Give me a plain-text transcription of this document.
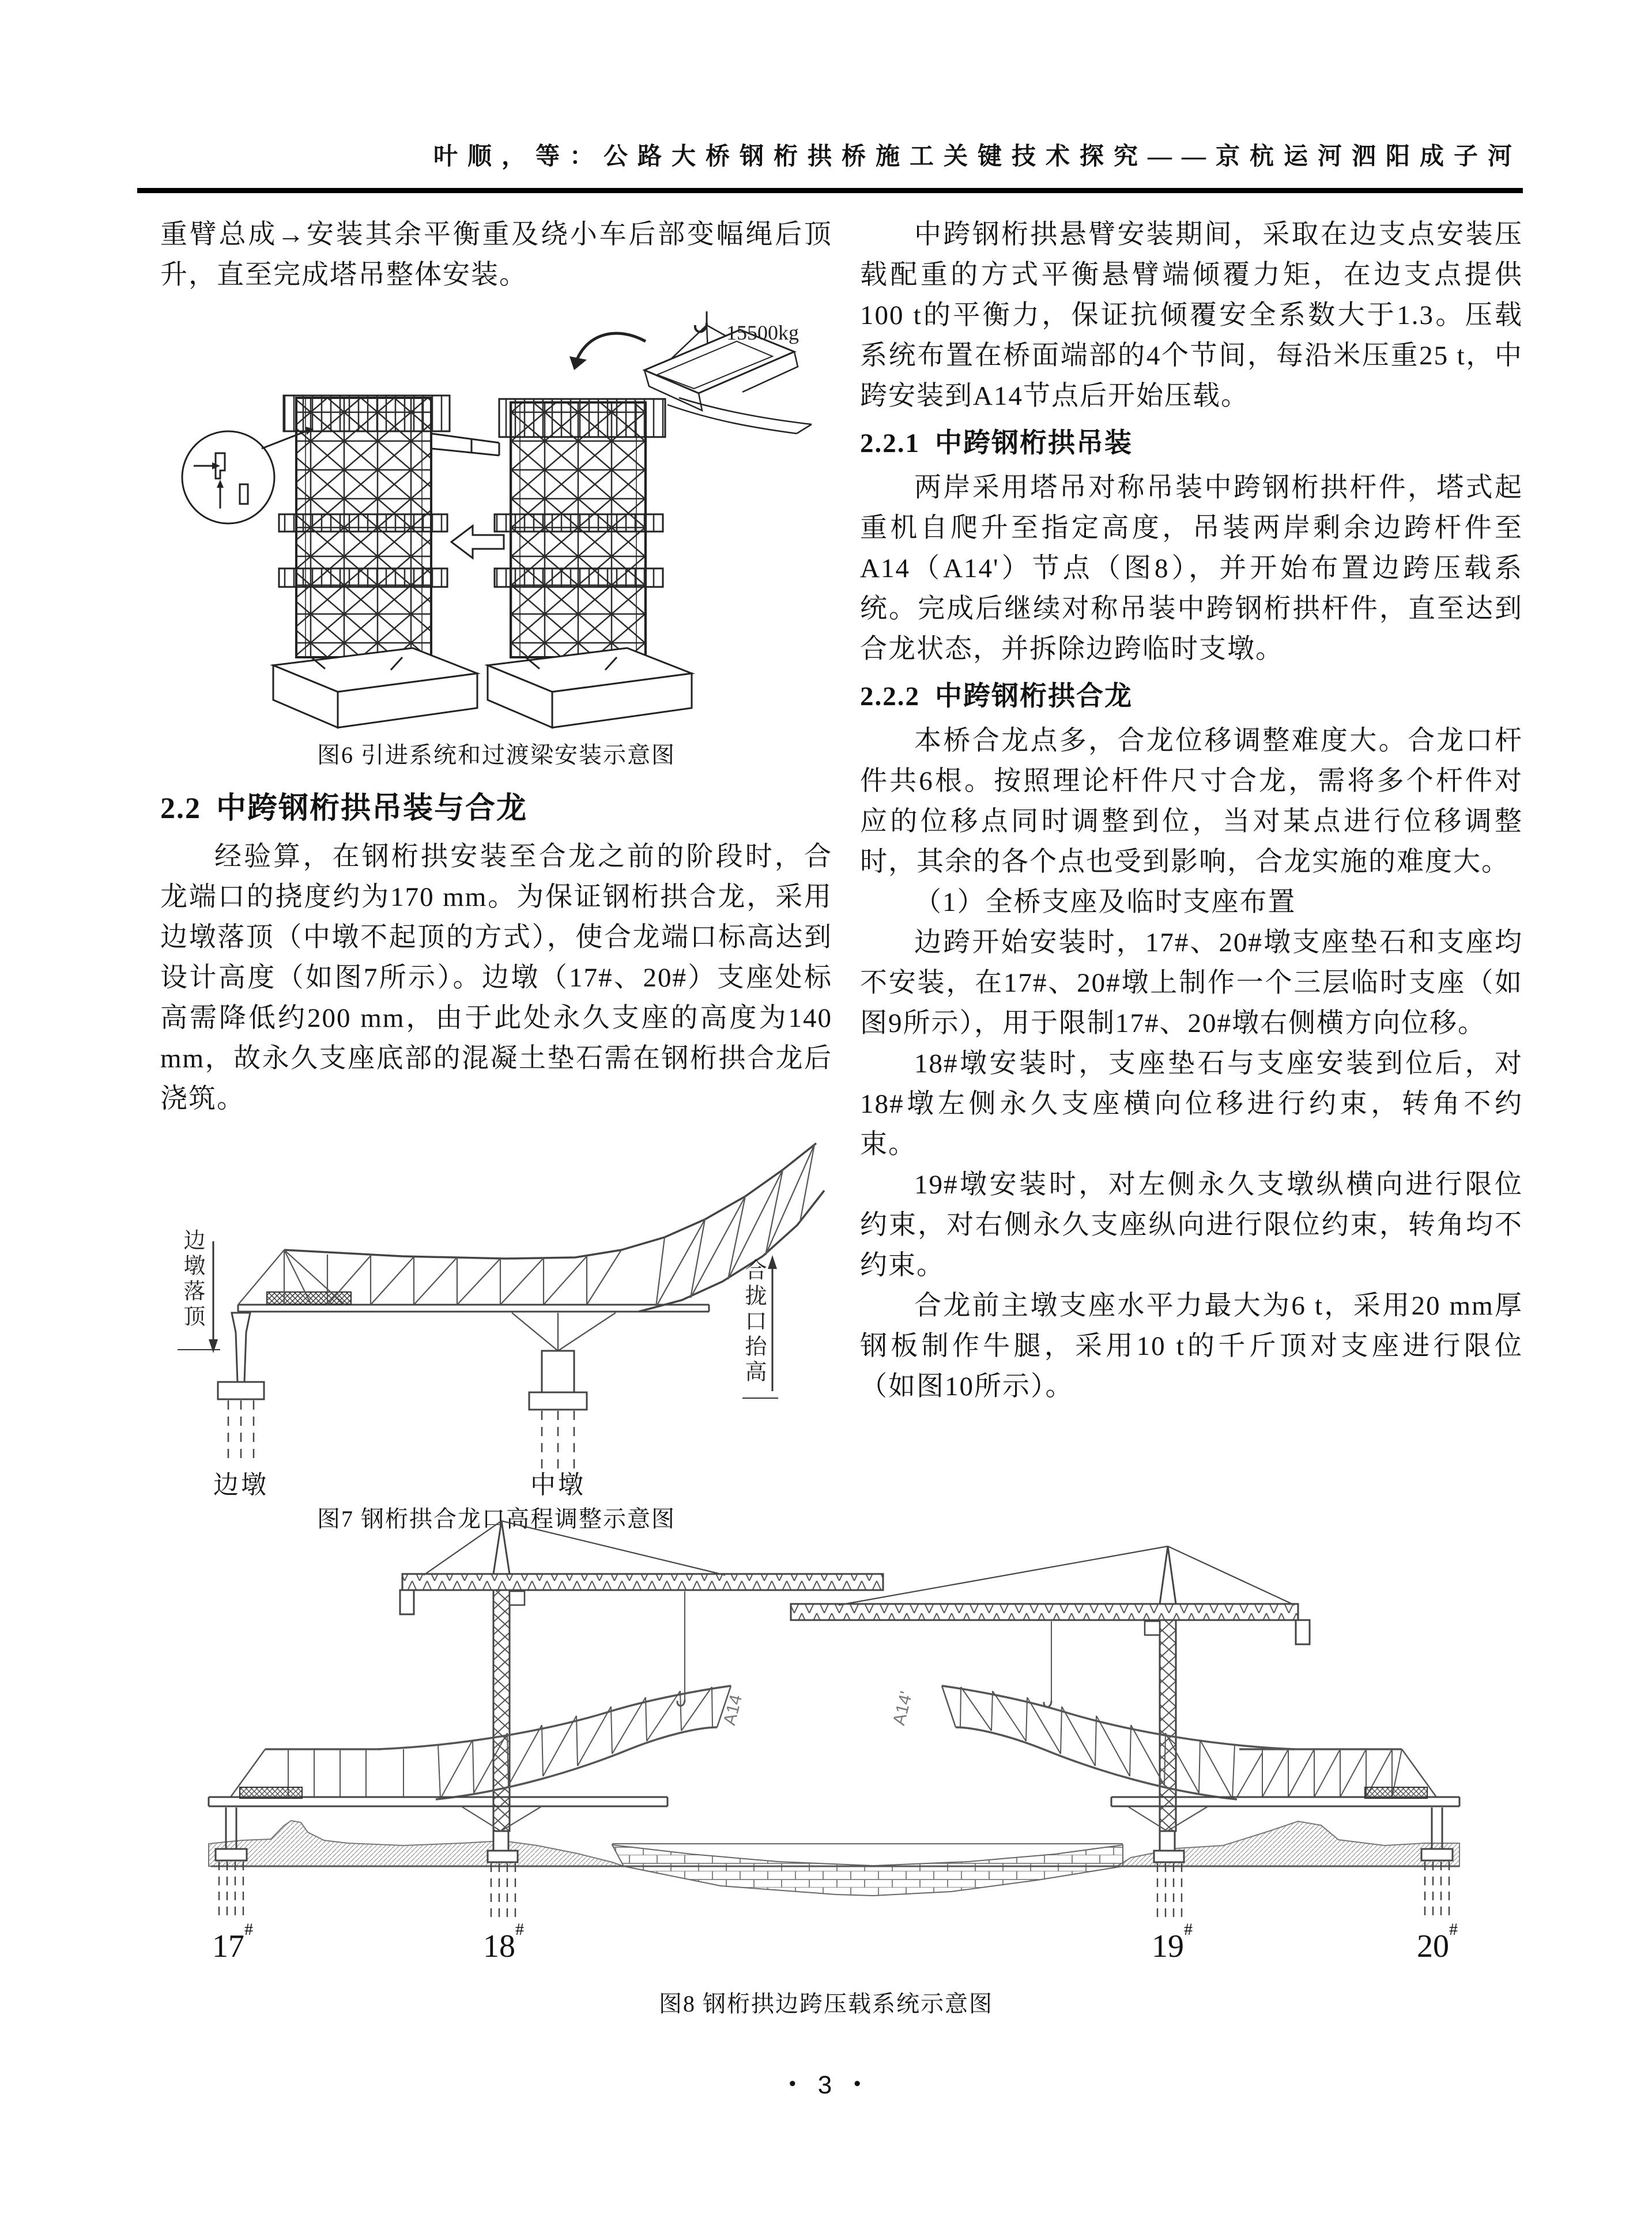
叶顺，等：公路大桥钢桁拱桥施工关键技术探究——京杭运河泗阳成子河

重臂总成→安装其余平衡重及绕小车后部变幅绳后顶升，直至完成塔吊整体安装。

15500kg
图6 引进系统和过渡梁安装示意图
2.2 中跨钢桁拱吊装与合龙

经验算，在钢桁拱安装至合龙之前的阶段时，合龙端口的挠度约为170 mm。为保证钢桁拱合龙，采用边墩落顶（中墩不起顶的方式），使合龙端口标高达到设计高度（如图7所示）。边墩（17#、20#）支座处标高需降低约200 mm，由于此处永久支座的高度为140 mm，故永久支座底部的混凝土垫石需在钢桁拱合龙后浇筑。

边墩落顶	合拢口抬高
边墩	中墩
图7 钢桁拱合龙口高程调整示意图

中跨钢桁拱悬臂安装期间，采取在边支点安装压载配重的方式平衡悬臂端倾覆力矩，在边支点提供100 t的平衡力，保证抗倾覆安全系数大于1.3。压载系统布置在桥面端部的4个节间，每沿米压重25 t，中跨安装到A14节点后开始压载。

2.2.1 中跨钢桁拱吊装

两岸采用塔吊对称吊装中跨钢桁拱杆件，塔式起重机自爬升至指定高度，吊装两岸剩余边跨杆件至A14（A14'）节点（图8），并开始布置边跨压载系统。完成后继续对称吊装中跨钢桁拱杆件，直至达到合龙状态，并拆除边跨临时支墩。

2.2.2 中跨钢桁拱合龙

本桥合龙点多，合龙位移调整难度大。合龙口杆件共6根。按照理论杆件尺寸合龙，需将多个杆件对应的位移点同时调整到位，当对某点进行位移调整时，其余的各个点也受到影响，合龙实施的难度大。

（1）全桥支座及临时支座布置

边跨开始安装时，17#、20#墩支座垫石和支座均不安装，在17#、20#墩上制作一个三层临时支座（如图9所示），用于限制17#、20#墩右侧横方向位移。

18#墩安装时，支座垫石与支座安装到位后，对18#墩左侧永久支座横向位移进行约束，转角不约束。

19#墩安装时，对左侧永久支墩纵横向进行限位约束，对右侧永久支座纵向进行限位约束，转角均不约束。

合龙前主墩支座水平力最大为6 t，采用20 mm厚钢板制作牛腿，采用10 t的千斤顶对支座进行限位（如图10所示）。

A14	A14'
17#	18#	19#	20#
图8 钢桁拱边跨压载系统示意图
• 3 •
